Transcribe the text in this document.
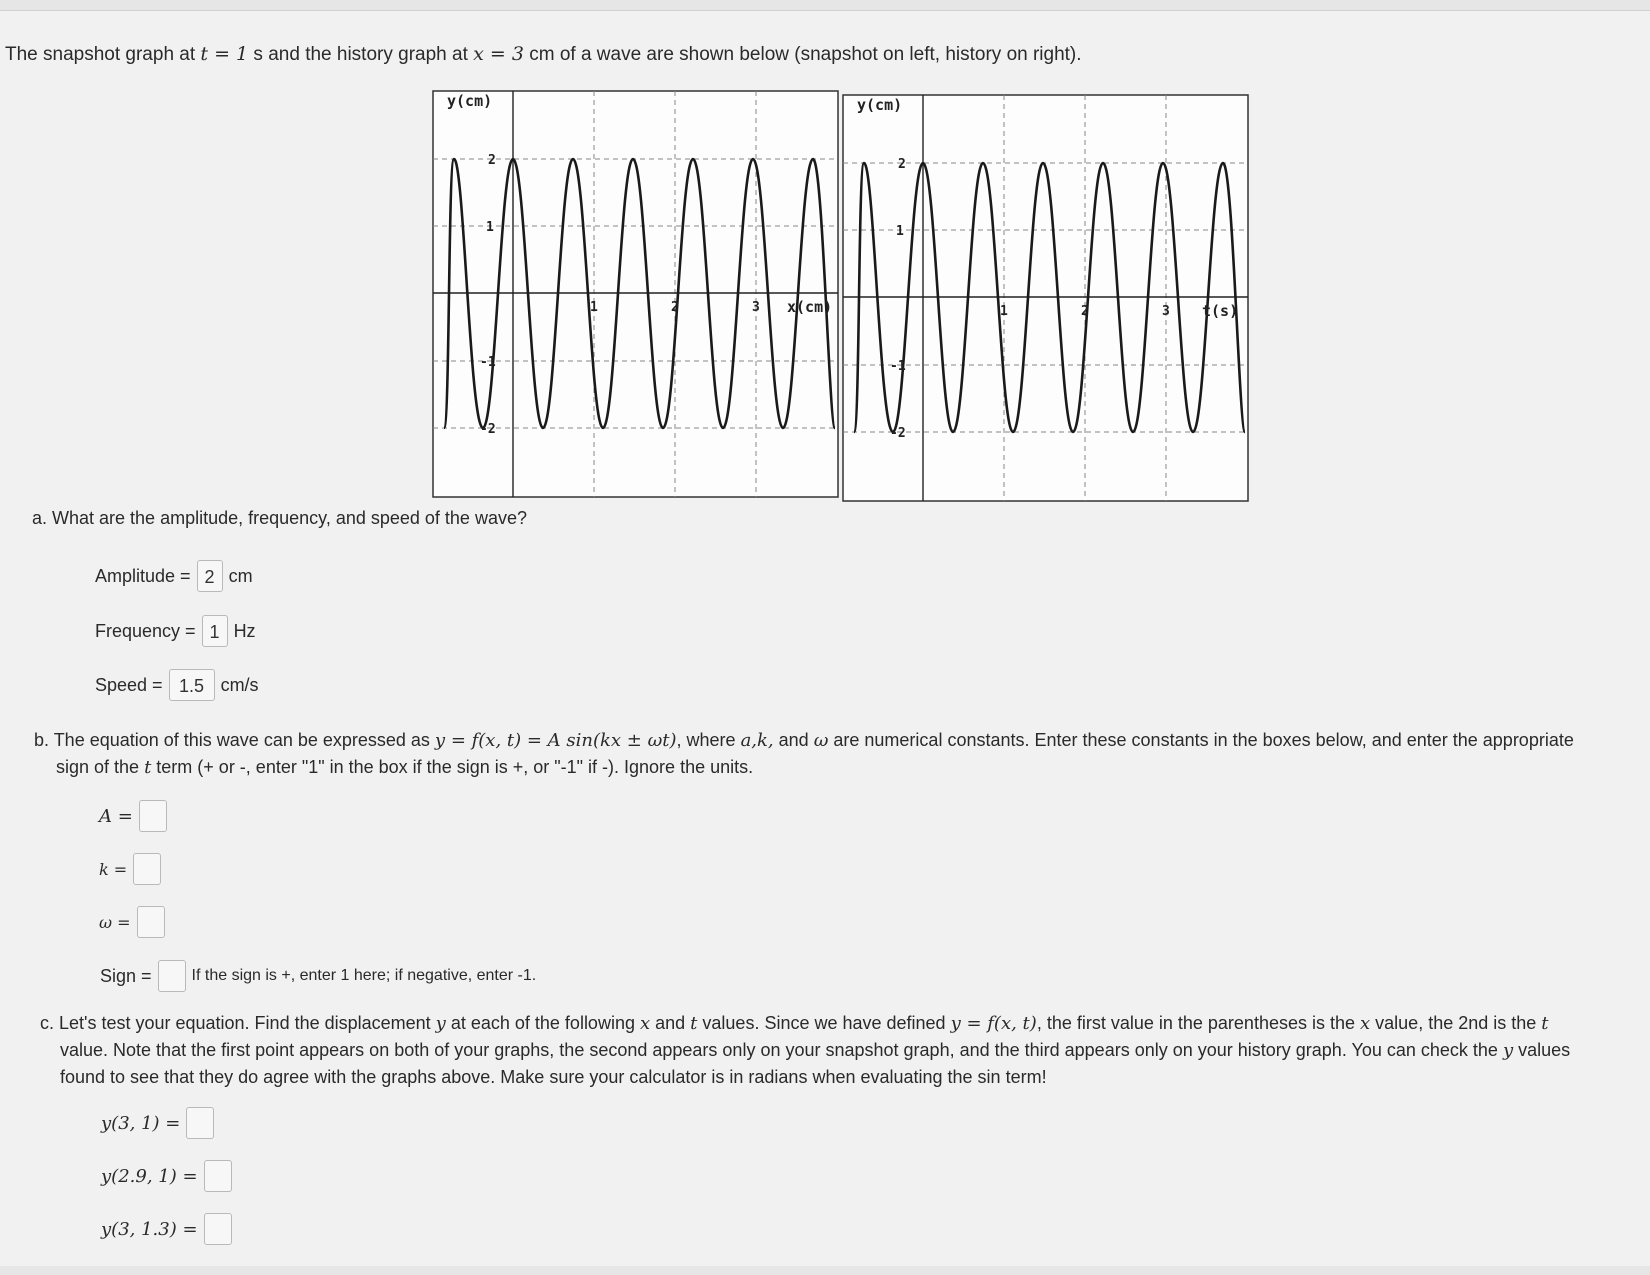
The snapshot graph at t = 1 s and the history graph at x = 3 cm of a wave are shown below (snapshot on left, history on right).
y(cm)
2
1
-1
-2
1	2	3 x(cm)
y(cm)
2
1
-1
-2
1	2	3 t(s)
a. What are the amplitude, frequency, and speed of the wave?
Amplitude = 2 cm
Frequency = 1 Hz
Speed = 1.5 cm/s
b. The equation of this wave can be expressed as y = f(x, t) = A sin(kx ± ωt), where a,k, and ω are numerical constants. Enter these constants in the boxes below, and enter the appropriate
sign of the t term (+ or -, enter "1" in the box if the sign is +, or "-1" if -). Ignore the units.
A =
k =
ω =
Sign =	If the sign is +, enter 1 here; if negative, enter -1.
c. Let's test your equation. Find the displacement y at each of the following x and t values. Since we have defined y = f(x, t), the first value in the parentheses is the x value, the 2nd is the t
value. Note that the first point appears on both of your graphs, the second appears only on your snapshot graph, and the third appears only on your history graph. You can check the y values
found to see that they do agree with the graphs above. Make sure your calculator is in radians when evaluating the sin term!
y(3, 1) =
y(2.9, 1) =
y(3, 1.3) =
